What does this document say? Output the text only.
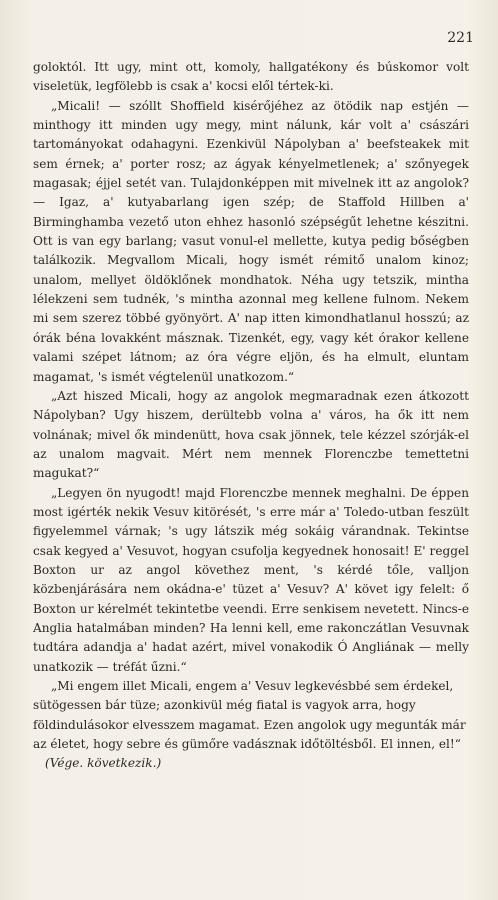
221

goloktól. Itt ugy, mint ott, komoly, hallgatékony és búskomor volt viseletük, legfölebb is csak a' kocsi elől tértek-ki.

„Micali! — szóllt Shoffield kisérőjéhez az ötödik nap estjén — minthogy itt minden ugy megy, mint nálunk, kár volt a' császári tartományokat odahagyni. Ezenkivül Nápolyban a' beefsteakek mit sem érnek; a' porter rosz; az ágyak kényelmetlenek; a' szőnyegek magasak; éjjel setét van. Tulajdonképpen mit mivelnek itt az angolok? — Igaz, a' kutyabarlang igen szép; de Staffold Hillben a' Birminghamba vezető uton ehhez hasonló szépségűt lehetne készitni. Ott is van egy barlang; vasut vonul-el mellette, kutya pedig bőségben találkozik. Megvallom Micali, hogy ismét rémitő unalom kinoz; unalom, mellyet öldöklőnek mondhatok. Néha ugy tetszik, mintha lélekzeni sem tudnék, 's mintha azonnal meg kellene fulnom. Nekem mi sem szerez többé gyönyört. A' nap itten kimondhatlanul hosszú; az órák béna lovakként másznak. Tizenkét, egy, vagy két órakor kellene valami szépet látnom; az óra végre eljön, és ha elmult, eluntam magamat, 's ismét végtelenül unatkozom.“

„Azt hiszed Micali, hogy az angolok megmaradnak ezen átkozott Nápolyban? Ugy hiszem, derültebb volna a' város, ha ők itt nem volnának; mivel ők mindenütt, hova csak jönnek, tele kézzel szórják-el az unalom magvait. Mért nem mennek Florenczbe temettetni magukat?“

„Legyen ön nyugodt! majd Florenczbe mennek meghalni. De éppen most igérték nekik Vesuv kitörését, 's erre már a' Toledo-utban feszült figyelemmel várnak; 's ugy látszik még sokáig várandnak. Tekintse csak kegyed a' Vesuvot, hogyan csufolja kegyednek honosait! E' reggel Boxton ur az angol követhez ment, 's kérdé tőle, valljon közbenjárására nem okádna-e' tüzet a' Vesuv? A' követ igy felelt: ő Boxton ur kérelmét tekintetbe veendi. Erre senkisem nevetett. Nincs-e Anglia hatalmában minden? Ha lenni kell, eme rakonczátlan Vesuvnak tudtára adandja a' hadat azért, mivel vonakodik Ó Angliának — melly unatkozik — tréfát űzni.“

„Mi engem illet Micali, engem a' Vesuv legkevésbbé sem érdekel, sütögessen bár tüze; azonkivül még fiatal is vagyok arra, hogy földindulásokor elvesszem magamat. Ezen angolok ugy megunták már az életet, hogy sebre és gümőre vadásznak időtöltésből. El innen, el!“ (Vége. következik.)
